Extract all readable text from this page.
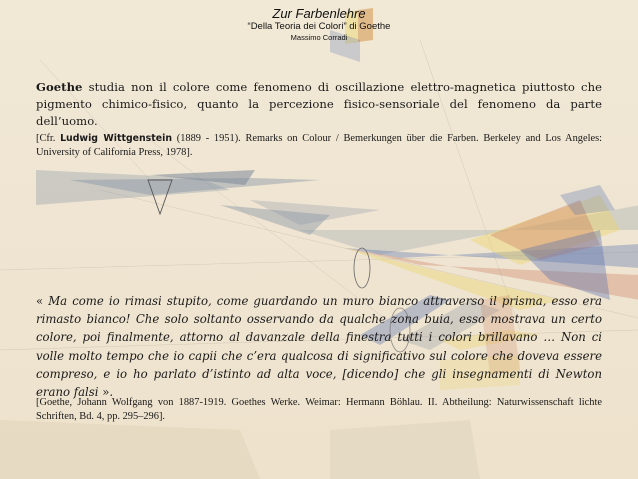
Zur Farbenlehre
“Della Teoria dei Colori” di Goethe
Massimo Corradi
Goethe studia non il colore come fenomeno di oscillazione elettro-magnetica piuttosto che pigmento chimico-fisico, quanto la percezione fisico-sensoriale del fenomeno da parte dell’uomo.
[Cfr. Ludwig Wittgenstein (1889 - 1951). Remarks on Colour / Bemerkungen über die Farben. Berkeley and Los Angeles: University of California Press, 1978].
« Ma come io rimasi stupito, come guardando un muro bianco attraverso il prisma, esso era rimasto bianco! Che solo soltanto osservando da qualche zona buia, esso mostrava un certo colore, poi finalmente, attorno al davanzale della finestra tutti i colori brillavano … Non ci volle molto tempo che io capii che c’era qualcosa di significativo sul colore che doveva essere compreso, e io ho parlato d’istinto ad alta voce, [dicendo] che gli insegnamenti di Newton erano falsi ».
[Goethe, Johann Wolfgang von 1887-1919. Goethes Werke. Weimar: Hermann Böhlau. II. Abtheilung: Naturwissenschaft lichte Schriften, Bd. 4, pp. 295–296].
